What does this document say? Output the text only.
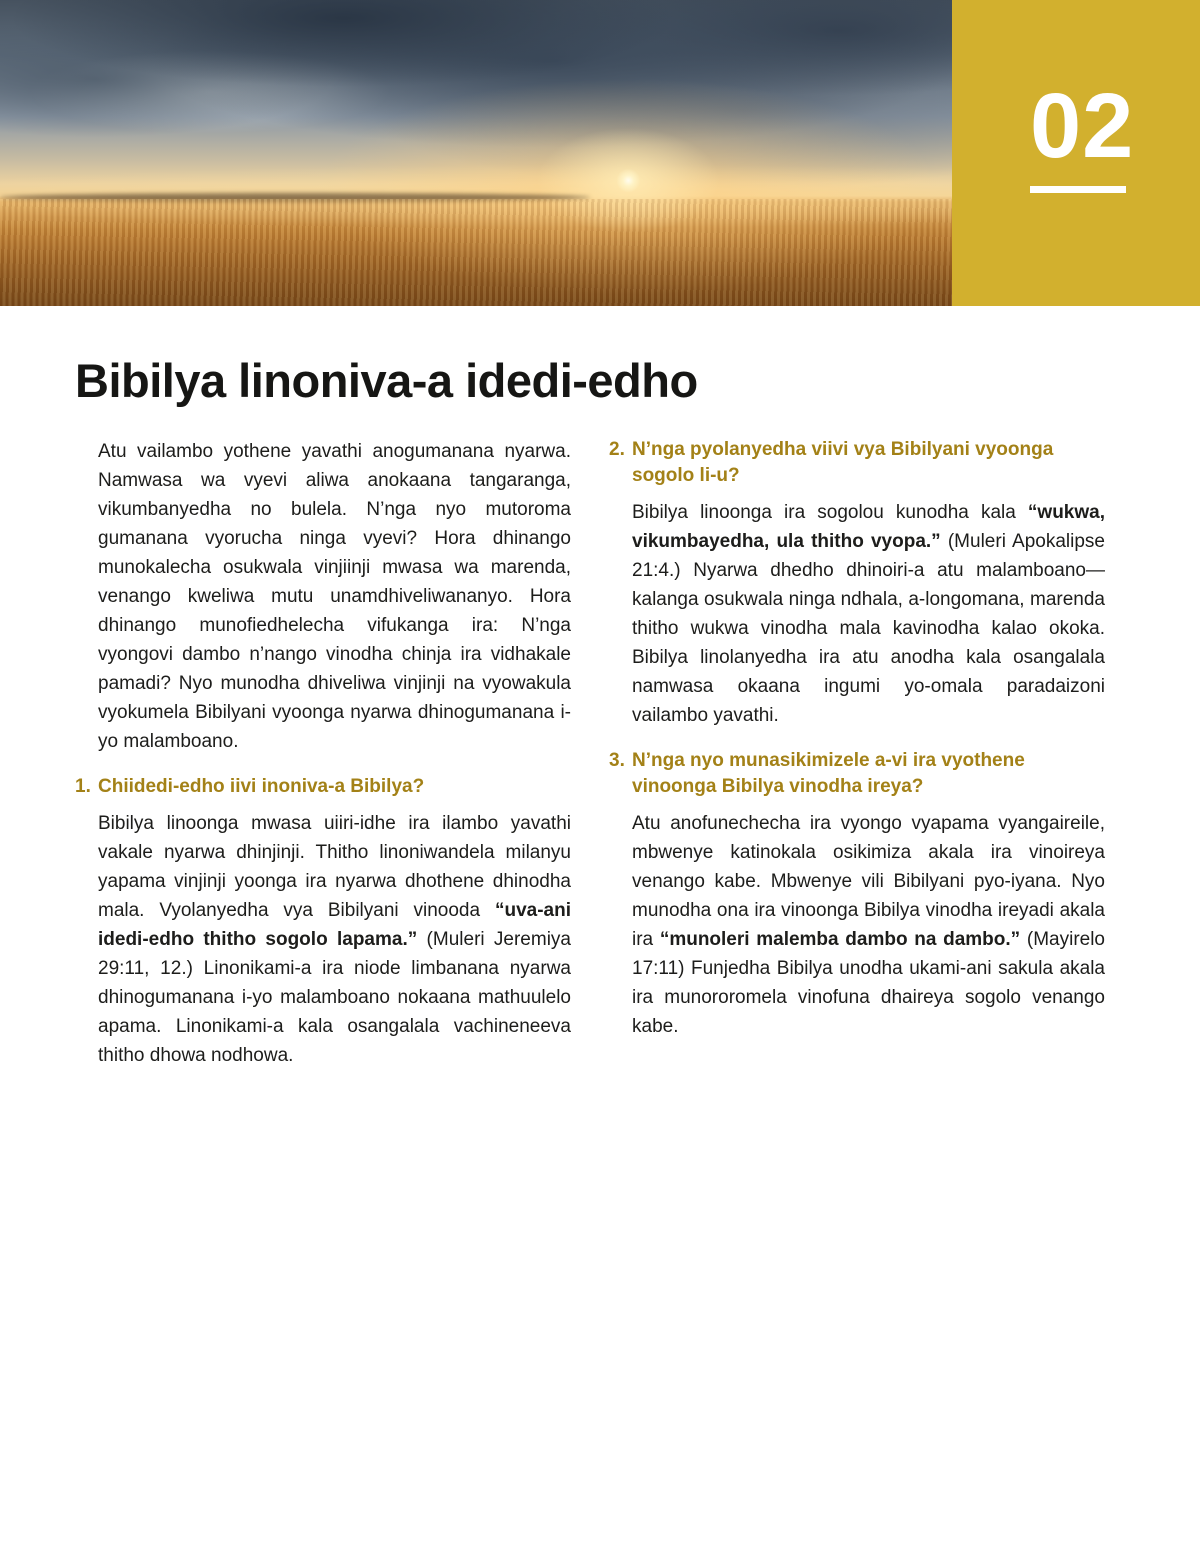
02
Bibilya linoniva-a idedi-edho

Atu vailambo yothene yavathi anogumanana nyarwa. Namwasa wa vyevi aliwa anokaana tangaranga, vikumbanyedha no bulela. N’nga nyo mutoroma gumanana vyorucha ninga vyevi? Hora dhinango munokalecha osukwala vinjiinji mwasa wa marenda, venango kweliwa mutu unamdhiveliwananyo. Hora dhinango munofiedhelecha vifukanga ira: N’nga vyongovi dambo n’nango vinodha chinja ira vidhakale pamadi? Nyo munodha dhiveliwa vinjinji na vyowakula vyokumela Bibilyani vyoonga nyarwa dhinogumanana i-yo malamboano.

1. Chiidedi-edho iivi inoniva-a Bibilya?

Bibilya linoonga mwasa uiiri-idhe ira ilambo yavathi vakale nyarwa dhinjinji. Thitho linoniwandela milanyu yapama vinjinji yoonga ira nyarwa dhothene dhinodha mala. Vyolanyedha vya Bibilyani vinooda “uva-ani idedi-edho thitho sogolo lapama.” (Muleri Jeremiya 29:11, 12.) Linonikami-a ira niode limbanana nyarwa dhinogumanana i-yo malamboano nokaana mathuulelo apama. Linonikami-a kala osangalala vachineneeva thitho dhowa nodhowa.

2. N’nga pyolanyedha viivi vya Bibilyani vyoonga sogolo li-u?

Bibilya linoonga ira sogolou kunodha kala “wukwa, vikumbayedha, ula thitho vyopa.” (Muleri Apokalipse 21:4.) Nyarwa dhedho dhinoiri-a atu malamboano—kalanga osukwala ninga ndhala, a-longomana, marenda thitho wukwa vinodha mala kavinodha kalao okoka. Bibilya linolanyedha ira atu anodha kala osangalala namwasa okaana ingumi yo-omala paradaizoni vailambo yavathi.

3. N’nga nyo munasikimizele a-vi ira vyothene vinoonga Bibilya vinodha ireya?

Atu anofunechecha ira vyongo vyapama vyangaireile, mbwenye katinokala osikimiza akala ira vinoireya venango kabe. Mbwenye vili Bibilyani pyo-iyana. Nyo munodha ona ira vinoonga Bibilya vinodha ireyadi akala ira “munoleri malemba dambo na dambo.” (Mayirelo 17:11) Funjedha Bibilya unodha ukami-ani sakula akala ira munororomela vinofuna dhaireya sogolo venango kabe.
